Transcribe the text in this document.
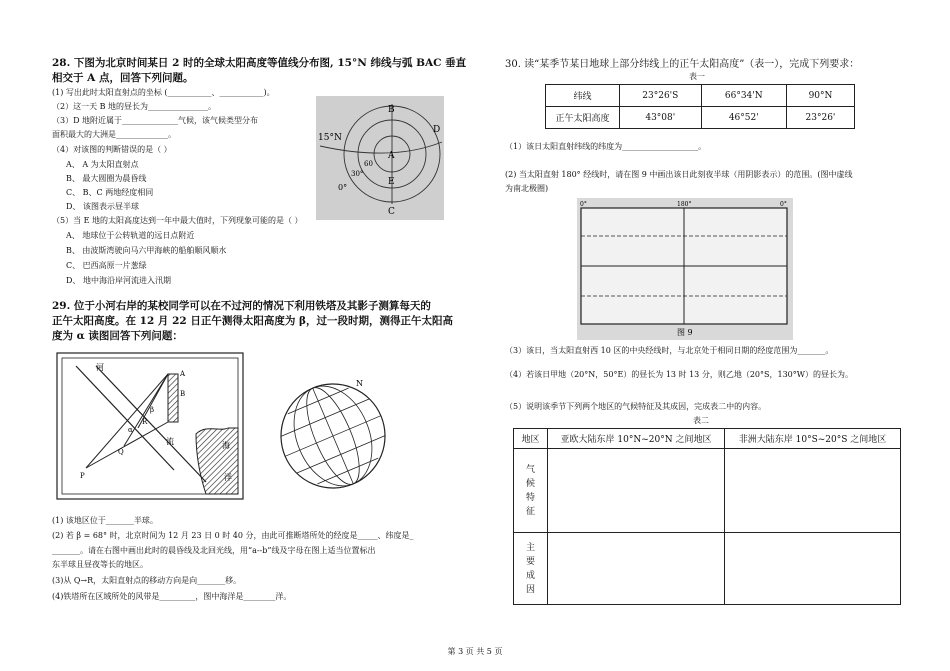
28. 下图为北京时间某日 2 时的全球太阳高度等值线分布图, 15°N 纬线与弧 BAC 垂直
相交于 A 点，回答下列问题。
(1) 写出此时太阳直射点的坐标 (___________、___________)。
（2）这一天 B 地的昼长为_______________。
（3）D 地附近属于______________气候，该气候类型分布
面积最大的大洲是_____________。
（4）对该图的判断错误的是（ ）
A、 A 为太阳直射点
B、 最大圆圈为晨昏线
C、 B、C 两地经度相同
D、 该图表示昼半球
（5）当 E 地的太阳高度达到一年中最大值时，下列现象可能的是（ ）
A、 地球位于公转轨道的远日点附近
B、 由波斯湾驶向马六甲海峡的船舶顺风顺水
C、 巴西高原一片葱绿
D、 地中海沿岸河流进入汛期
B
D
A
E
C
15°N
60
30°
0°
29. 位于小河右岸的某校同学可以在不过河的情况下利用铁塔及其影子测算每天的
正午太阳高度。在 12 月 22 日正午测得太阳高度为 β，过一段时期，测得正午太阳高
度为 α 读图回答下列问题：
河
流	海
洋
A
B
R
Q
P
β
α
N
(1) 该地区位于_______半球。
(2) 若 β = 68° 时，北京时间为 12 月 23 日 0 时 40 分，由此可推断塔所处的经度是_____、纬度是_
_______。请在右图中画出此时的晨昏线及北回光线，用“a--b”线及字母在图上适当位置标出
东半球且昼夜等长的地区。
(3)从 Q→R，太阳直射点的移动方向是向_______移。
(4)铁塔所在区域所处的风带是_________，图中海洋是________洋。
30. 读“某季节某日地球上部分纬线上的正午太阳高度”（表一），完成下列要求：
表一
纬线	23°26'S	66°34'N	90°N
正午太阳高度	43°08'	46°52'	23°26'
（1）该日太阳直射纬线的纬度为___________________。
(2) 当太阳直射 180° 经线时，请在图 9 中画出该日此刻夜半球（用阴影表示）的范围。(图中虚线
为南北极圈)
0°	180°	0°
图 9
（3）该日，当太阳直射西 10 区的中央经线时，与北京处于相同日期的经度范围为_______。
（4）若该日甲地（20°N，50°E）的昼长为 13 时 13 分，则乙地（20°S，130°W）的昼长为。
（5）说明该季节下列两个地区的气候特征及其成因，完成表二中的内容。
表二
地区	亚欧大陆东岸 10°N~20°N 之间地区	非洲大陆东岸 10°S~20°S 之间地区
气候特征		
主要成因		
第 3 页 共 5 页
